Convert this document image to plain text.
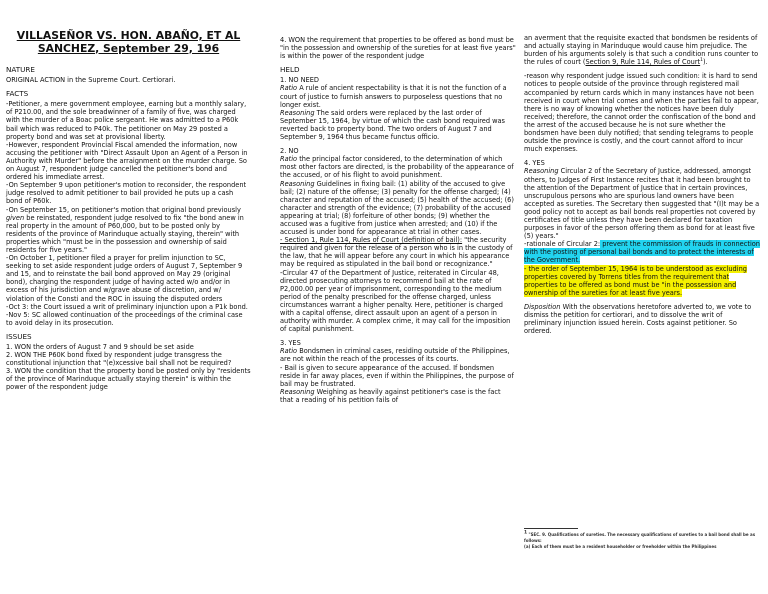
VILLASEÑOR VS. HON. ABAÑO, ET AL
SANCHEZ, September 29, 196
NATURE
ORIGINAL ACTION in the Supreme Court. Certiorari.
FACTS
-Petitioner, a mere government employee, earning but a monthly salary, of P210.00, and the sole breadwinner of a family of five, was charged with the murder of a Boac police sergeant. He was admitted to a P60k bail which was reduced to P40k. The petitioner on May 29 posted a property bond and was set at provisional liberty.
-However, respondent Provincial Fiscal amended the information, now accusing the petitioner with "Direct Assault Upon an Agent of a Person in Authority with Murder" before the arraignment on the murder charge. So on August 7, respondent judge cancelled the petitioner's bond and ordered his immediate arrest.
-On September 9 upon petitioner's motion to reconsider, the respondent judge resolved to admit petitioner to bail provided he puts up a cash bond of P60k.
-On September 15, on petitioner's motion that original bond previously given be reinstated, respondent judge resolved to fix "the bond anew in real property in the amount of P60,000, but to be posted only by residents of the province of Marinduque actually staying, therein" with properties which "must be in the possession and ownership of said residents for five years."
-On October 1, petitioner filed a prayer for prelim injunction to SC, seeking to set aside respondent judge orders of August 7, September 9 and 15, and to reinstate the bail bond approved on May 29 (original bond), charging the respondent judge of having acted w/o and/or in excess of his jurisdiction and w/grave abuse of discretion, and w/ violation of the Consti and the ROC in issuing the disputed orders
-Oct 3: the Court issued a writ of preliminary injunction upon a P1k bond.
-Nov 5: SC allowed continuation of the proceedings of the criminal case to avoid delay in its prosecution.
ISSUES
1. WON the orders of August 7 and 9 should be set aside
2. WON THE P60K bond fixed by respondent judge transgress the constitutional injunction that "(e)xcessive bail shall not be required?
3. WON the condition that the property bond be posted only by "residents of the province of Marinduque actually staying therein" is within the power of the respondent judge
4. WON the requirement that properties to be offered as bond must be "in the possession and ownership of the sureties for at least five years" is within the power of the respondent judge
HELD
1. NO NEED
Ratio A rule of ancient respectability is that it is not the function of a court of justice to furnish answers to purposeless questions that no longer exist.
Reasoning The said orders were replaced by the last order of September 15, 1964, by virtue of which the cash bond required was reverted back to property bond. The two orders of August 7 and September 9, 1964 thus became functus officio.
2. NO
Ratio the principal factor considered, to the determination of which most other factors are directed, is the probability of the appearance of the accused, or of his flight to avoid punishment.
Reasoning Guidelines in fixing bail: (1) ability of the accused to give bail; (2) nature of the offense; (3) penalty for the offense charged; (4) character and reputation of the accused; (5) health of the accused; (6) character and strength of the evidence; (7) probability of the accused appearing at trial; (8) forfeiture of other bonds; (9) whether the accused was a fugitive from justice when arrested; and (10) if the accused is under bond for appearance at trial in other cases.
- Section 1, Rule 114, Rules of Court (definition of bail): "the security required and given for the release of a person who is in the custody of the law, that he will appear before any court in which his appearance may be required as stipulated in the bail bond or recognizance."
-Circular 47 of the Department of Justice, reiterated in Circular 48, directed prosecuting attorneys to recommend bail at the rate of P2,000.00 per year of imprisonment, corresponding to the medium period of the penalty prescribed for the offense charged, unless circumstances warrant a higher penalty. Here, petitioner is charged with a capital offense, direct assault upon an agent of a person in authority with murder. A complex crime, it may call for the imposition of capital punishment.
3. YES
Ratio Bondsmen in criminal cases, residing outside of the Philippines, are not within the reach of the processes of its courts.
- Bail is given to secure appearance of the accused. If bondsmen reside in far away places, even if within the Philippines, the purpose of bail may be frustrated.
Reasoning Weighing as heavily against petitioner's case is the fact that a reading of his petition fails of
an averment that the requisite exacted that bondsmen be residents of and actually staying in Marinduque would cause him prejudice. The burden of his arguments solely is that such a condition runs counter to the rules of court (Section 9, Rule 114, Rules of Court$^1$).
-reason why respondent judge issued such condition: it is hard to send notices to people outside of the province through registered mail accompanied by return cards which in many instances have not been received in court when trial comes and when the parties fail to appear, there is no way of knowing whether the notices have been duly received; therefore, the cannot order the confiscation of the bond and the arrest of the accused because he is not sure whether the bondsmen have been duly notified; that sending telegrams to people outside the province is costly, and the court cannot afford to incur much expenses.
4. YES
Reasoning Circular 2 of the Secretary of Justice, addressed, amongst others, to Judges of First Instance recites that it had been brought to the attention of the Department of Justice that in certain provinces, unscrupulous persons who are spurious land owners have been accepted as sureties. The Secretary then suggested that "(I)t may be a good policy not to accept as bail bonds real properties not covered by certificates of title unless they have been declared for taxation purposes in favor of the person offering them as bond for at least five (5) years."
-rationale of Circular 2: prevent the commission of frauds in connection with the posting of personal bail bonds and to protect the interests of the Government.
- the order of September 15, 1964 is to be understood as excluding properties covered by Torrens titles from the requirement that properties to be offered as bond must be "in the possession and ownership of the sureties for at least five years.
Disposition With the observations heretofore adverted to, we vote to dismiss the petition for certiorari, and to dissolve the writ of preliminary injunction issued herein. Costs against petitioner. So ordered.
$^1$ "SEC. 9. Qualifications of sureties. The necessary qualifications of sureties to a bail bond shall be as follows:
(a) Each of them must be a resident householder or freeholder within the Philippines
